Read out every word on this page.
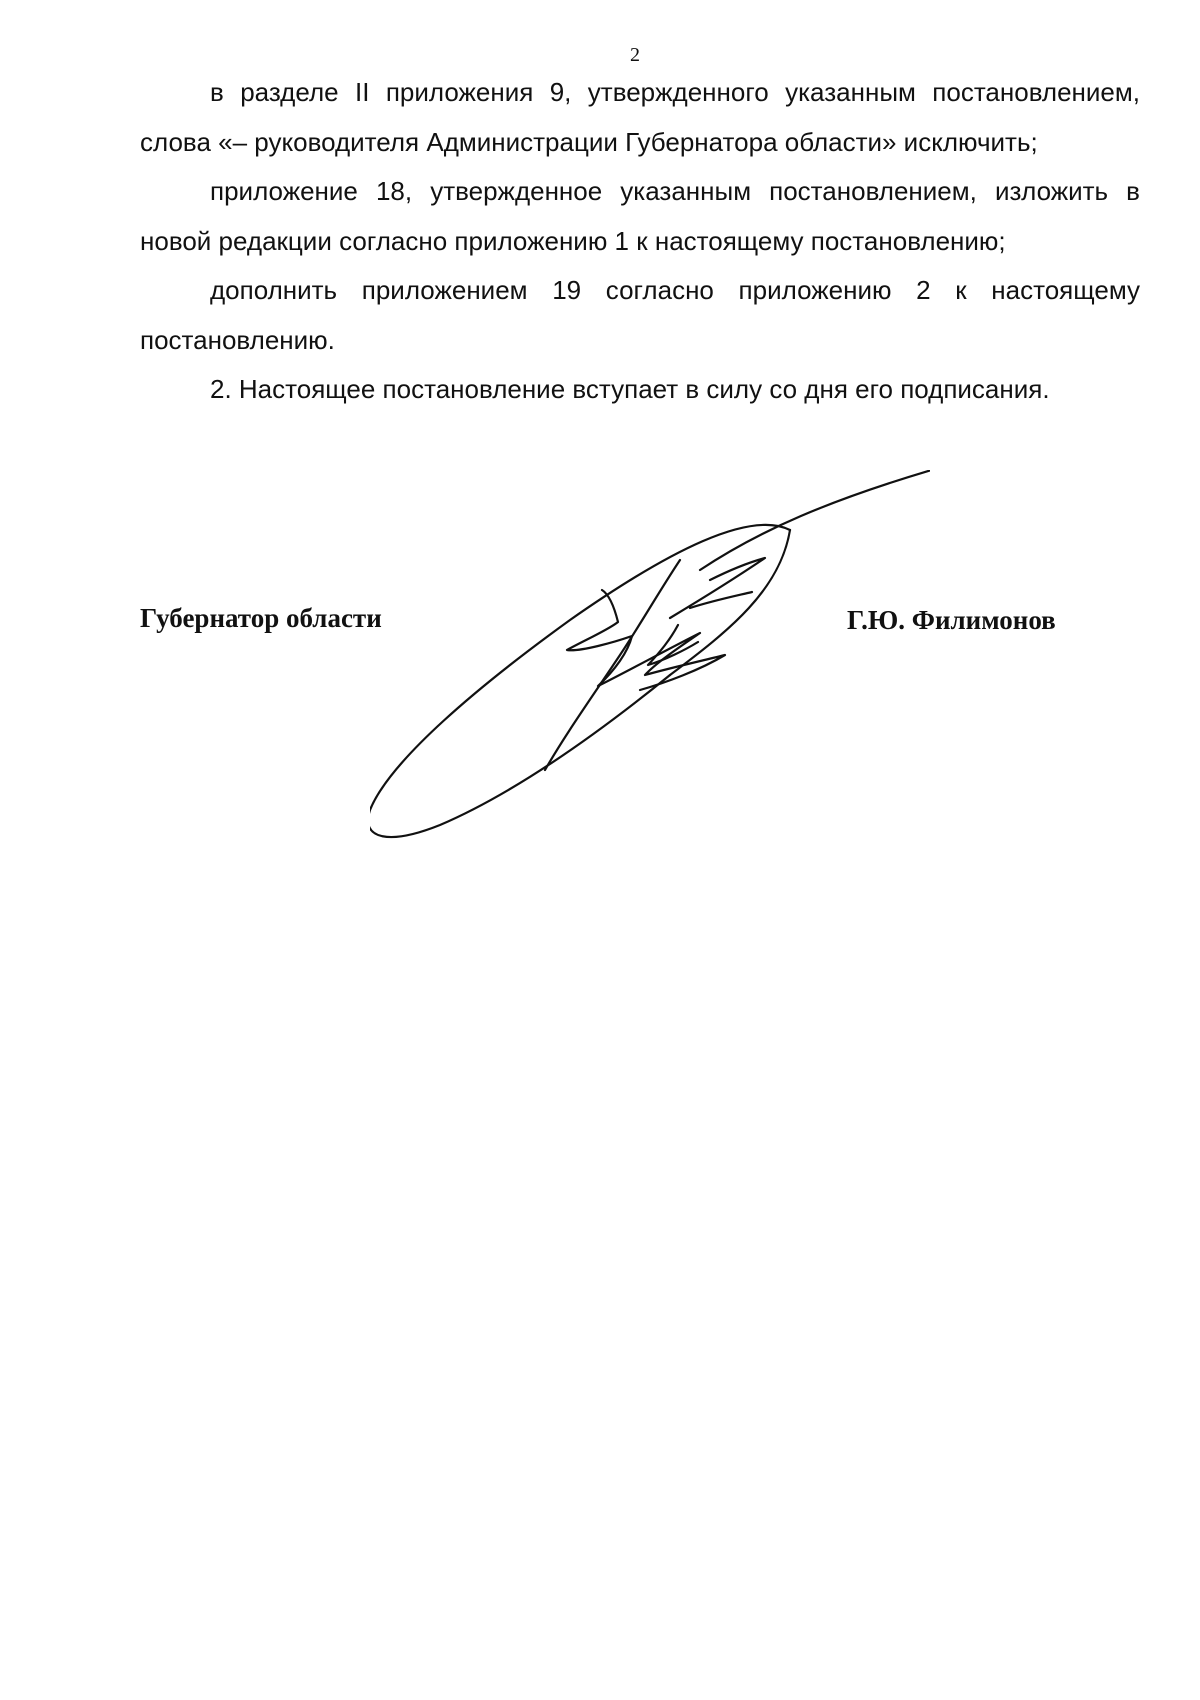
2

в разделе II приложения 9, утвержденного указанным постановлением, слова «– руководителя Администрации Губернатора области» исключить;

приложение 18, утвержденное указанным постановлением, изложить в новой редакции согласно приложению 1 к настоящему постановлению;

дополнить приложением 19 согласно приложению 2 к настоящему постановлению.

2. Настоящее постановление вступает в силу со дня его подписания.

Губернатор области	Г.Ю. Филимонов
